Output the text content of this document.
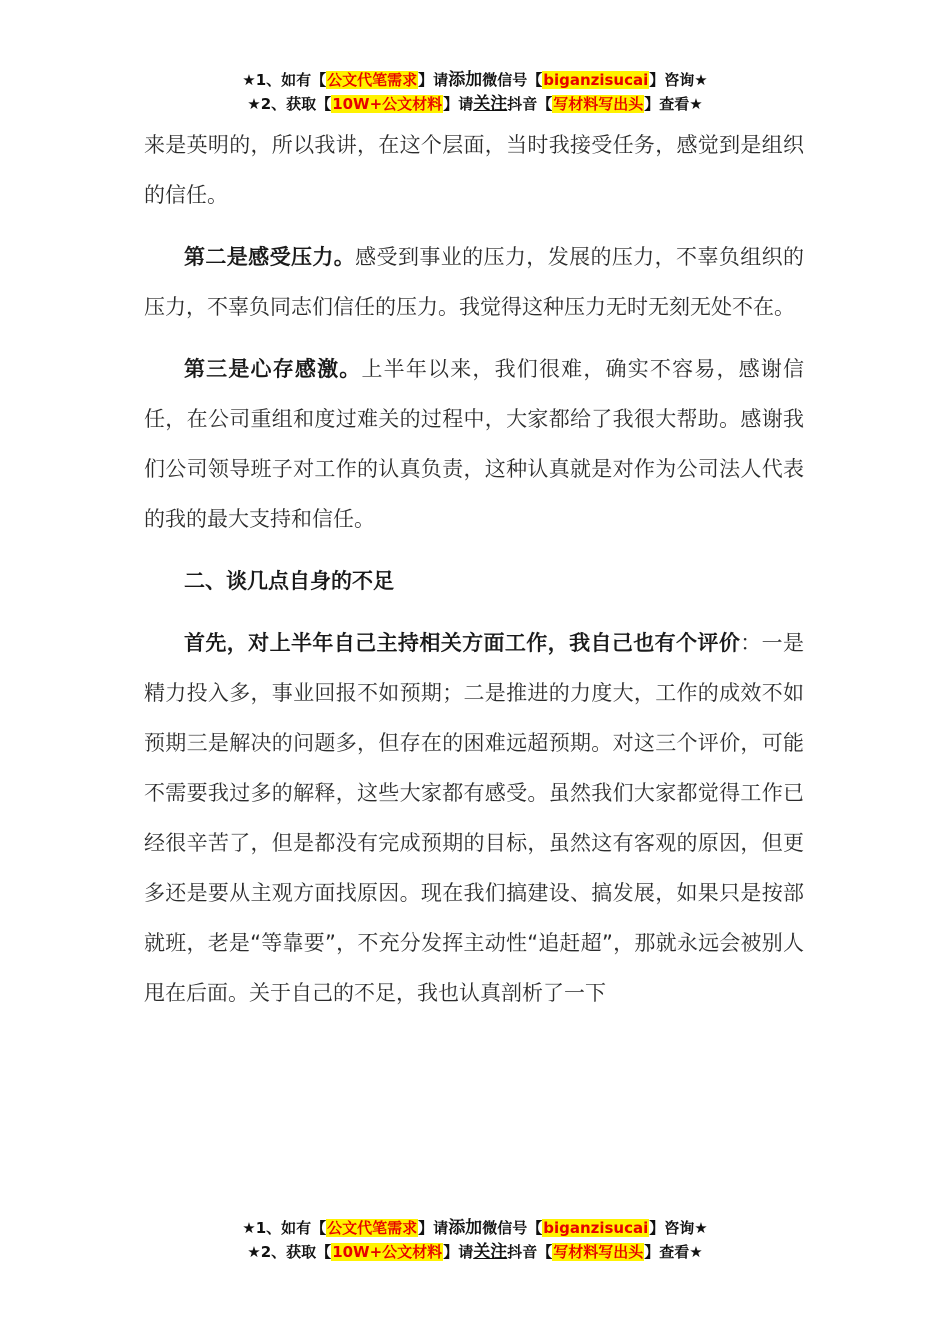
★1、如有【公文代笔需求】请添加微信号【biganzisucai】咨询★
★2、获取【10W+公文材料】请关注抖音【写材料写出头】查看★

来是英明的，所以我讲，在这个层面，当时我接受任务，感觉到是组织的信任。

第二是感受压力。感受到事业的压力，发展的压力，不辜负组织的压力，不辜负同志们信任的压力。我觉得这种压力无时无刻无处不在。

第三是心存感激。上半年以来，我们很难，确实不容易，感谢信任，在公司重组和度过难关的过程中，大家都给了我很大帮助。感谢我们公司领导班子对工作的认真负责，这种认真就是对作为公司法人代表的我的最大支持和信任。

二、谈几点自身的不足

首先，对上半年自己主持相关方面工作，我自己也有个评价：一是精力投入多，事业回报不如预期；二是推进的力度大，工作的成效不如预期三是解决的问题多，但存在的困难远超预期。对这三个评价，可能不需要我过多的解释，这些大家都有感受。虽然我们大家都觉得工作已经很辛苦了，但是都没有完成预期的目标，虽然这有客观的原因，但更多还是要从主观方面找原因。现在我们搞建设、搞发展，如果只是按部就班，老是“等靠要”，不充分发挥主动性“追赶超”，那就永远会被别人甩在后面。关于自己的不足，我也认真剖析了一下

★1、如有【公文代笔需求】请添加微信号【biganzisucai】咨询★
★2、获取【10W+公文材料】请关注抖音【写材料写出头】查看★
